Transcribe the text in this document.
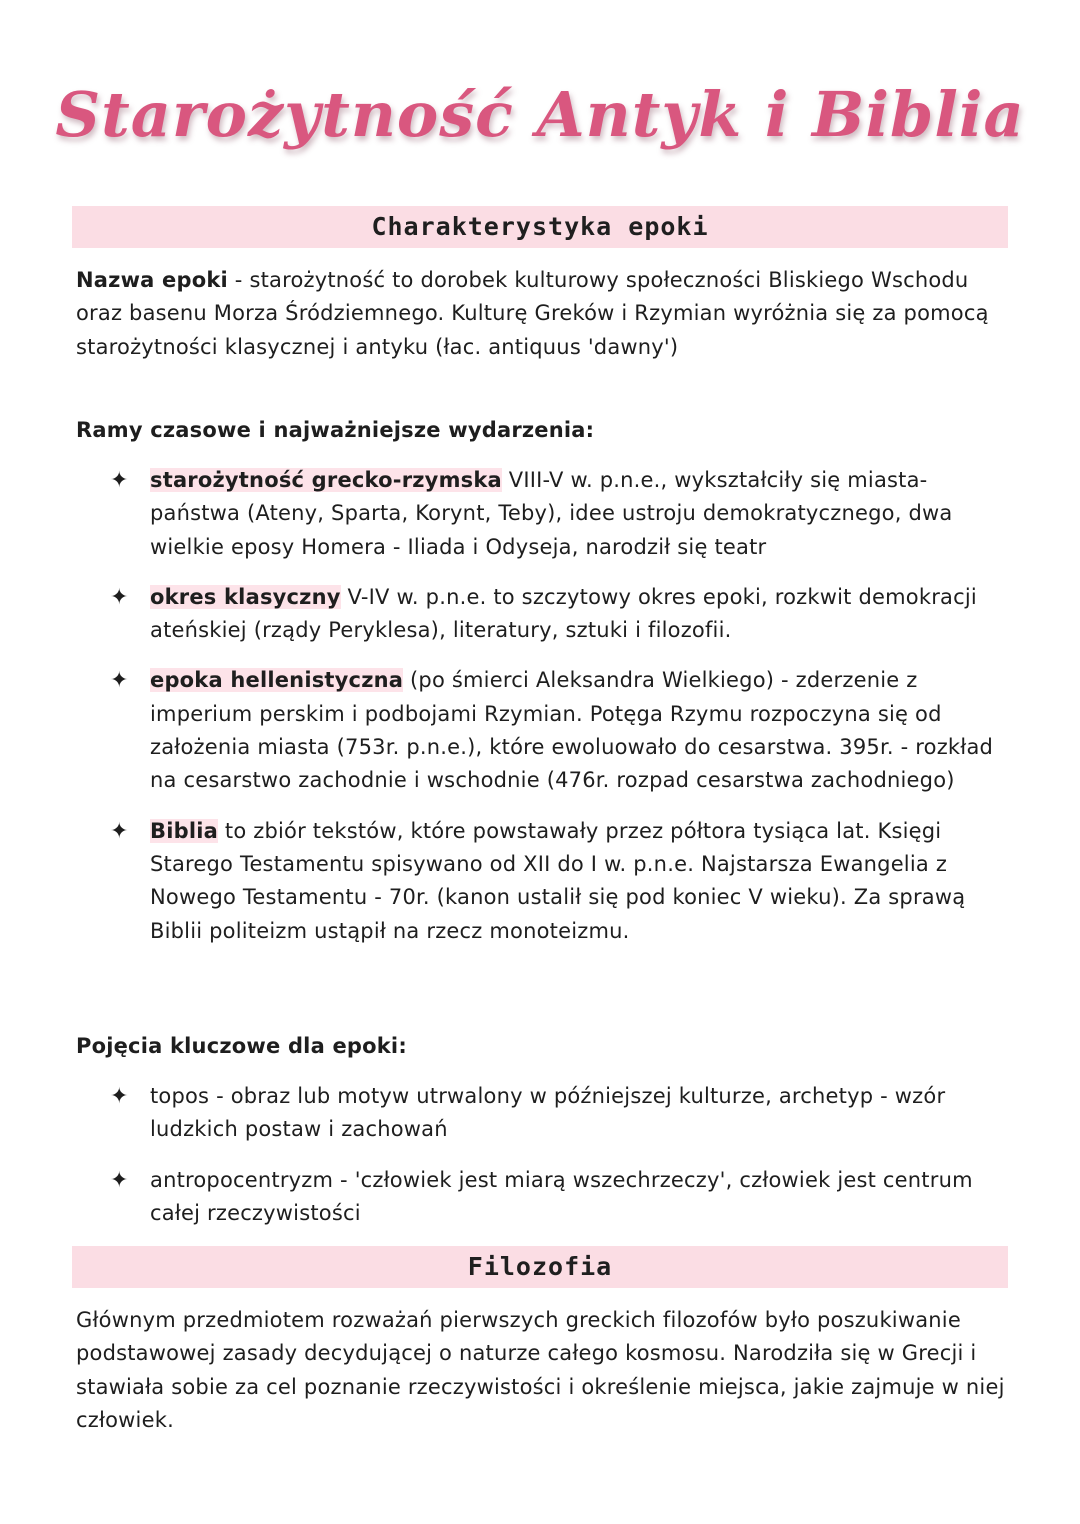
Starożytność Antyk i Biblia
Charakterystyka epoki
Nazwa epoki - starożytność to dorobek kulturowy społeczności Bliskiego Wschodu oraz basenu Morza Śródziemnego. Kulturę Greków i Rzymian wyróżnia się za pomocą starożytności klasycznej i antyku (łac. antiquus 'dawny')
Ramy czasowe i najważniejsze wydarzenia:
✦ starożytność grecko-rzymska VIII-V w. p.n.e., wykształciły się miasta-państwa (Ateny, Sparta, Korynt, Teby), idee ustroju demokratycznego, dwa wielkie eposy Homera - Iliada i Odyseja, narodził się teatr
✦ okres klasyczny V-IV w. p.n.e. to szczytowy okres epoki, rozkwit demokracji ateńskiej (rządy Peryklesa), literatury, sztuki i filozofii.
✦ epoka hellenistyczna (po śmierci Aleksandra Wielkiego) - zderzenie z imperium perskim i podbojami Rzymian. Potęga Rzymu rozpoczyna się od założenia miasta (753r. p.n.e.), które ewoluowało do cesarstwa. 395r. - rozkład na cesarstwo zachodnie i wschodnie (476r. rozpad cesarstwa zachodniego)
✦ Biblia to zbiór tekstów, które powstawały przez półtora tysiąca lat. Księgi Starego Testamentu spisywano od XII do I w. p.n.e. Najstarsza Ewangelia z Nowego Testamentu - 70r. (kanon ustalił się pod koniec V wieku). Za sprawą Biblii politeizm ustąpił na rzecz monoteizmu.
Pojęcia kluczowe dla epoki:
✦ topos - obraz lub motyw utrwalony w późniejszej kulturze, archetyp - wzór ludzkich postaw i zachowań
✦ antropocentryzm - 'człowiek jest miarą wszechrzeczy', człowiek jest centrum całej rzeczywistości
Filozofia
Głównym przedmiotem rozważań pierwszych greckich filozofów było poszukiwanie podstawowej zasady decydującej o naturze całego kosmosu. Narodziła się w Grecji i stawiała sobie za cel poznanie rzeczywistości i określenie miejsca, jakie zajmuje w niej człowiek.
